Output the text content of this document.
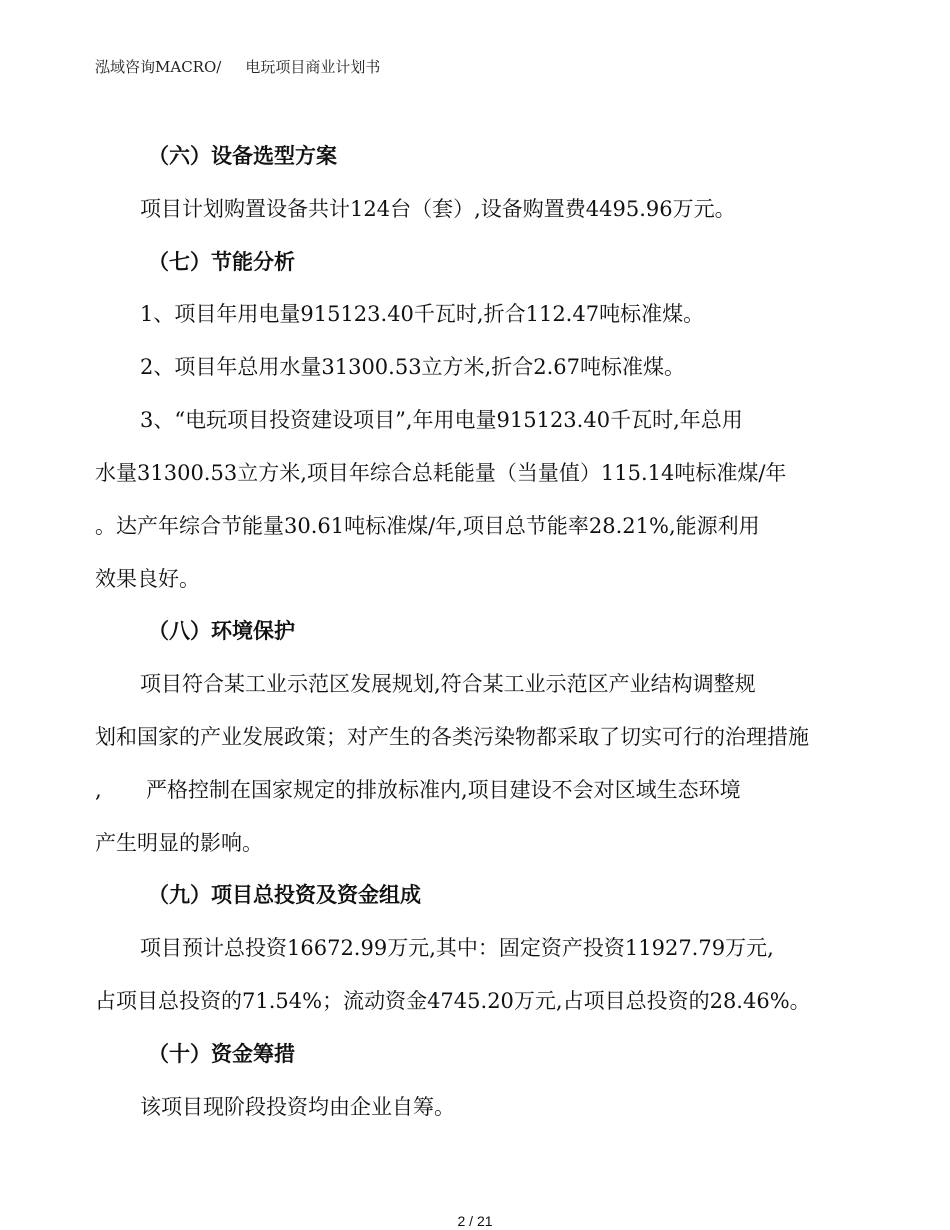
泓域咨询MACRO/ 电玩项目商业计划书
（六）设备选型方案
项目计划购置设备共计124台（套）,设备购置费4495.96万元。
（七）节能分析
1、项目年用电量915123.40千瓦时,折合112.47吨标准煤。
2、项目年总用水量31300.53立方米,折合2.67吨标准煤。
3、“电玩项目投资建设项目”,年用电量915123.40千瓦时,年总用
水量31300.53立方米,项目年综合总耗能量（当量值）115.14吨标准煤/年
。达产年综合节能量30.61吨标准煤/年,项目总节能率28.21%,能源利用
效果良好。
（八）环境保护
项目符合某工业示范区发展规划,符合某工业示范区产业结构调整规
划和国家的产业发展政策；对产生的各类污染物都采取了切实可行的治理措施
, 严格控制在国家规定的排放标准内,项目建设不会对区域生态环境
产生明显的影响。
（九）项目总投资及资金组成
项目预计总投资16672.99万元,其中：固定资产投资11927.79万元,
占项目总投资的71.54%；流动资金4745.20万元,占项目总投资的28.46%。
（十）资金筹措
该项目现阶段投资均由企业自筹。
2 / 21
